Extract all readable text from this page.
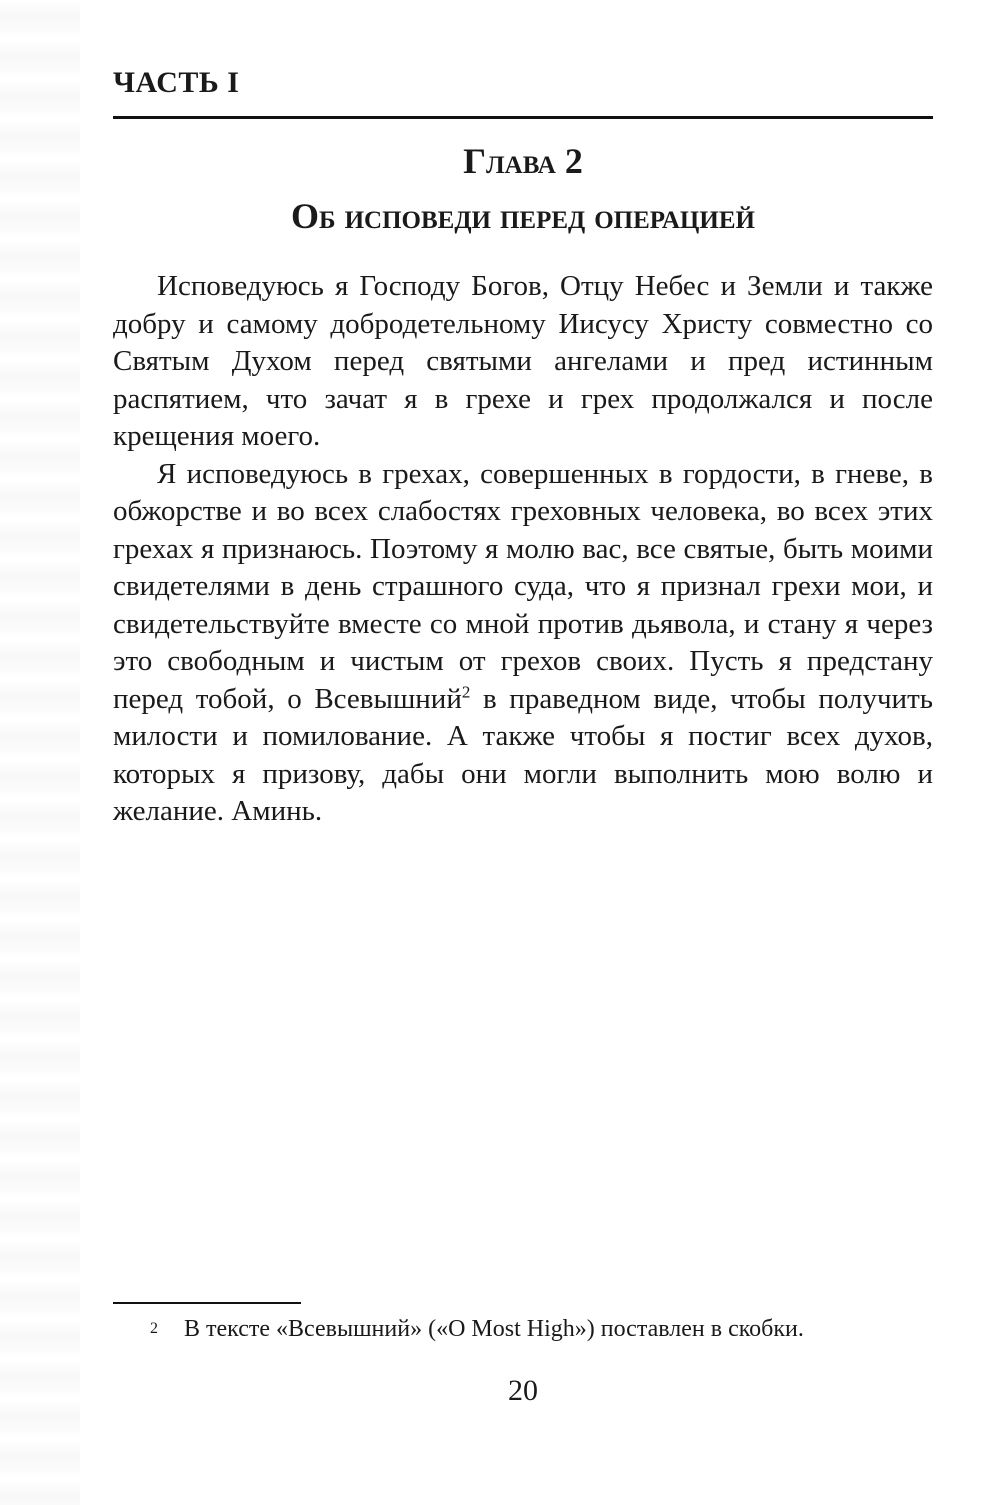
ЧАСТЬ I
Глава 2
Об исповеди перед операцией

Исповедуюсь я Господу Богов, Отцу Небес и Земли и также добру и самому добродетельному Иисусу Христу совместно со Святым Духом перед святыми ангелами и пред истинным распятием, что зачат я в грехе и грех продолжался и после крещения моего.

Я исповедуюсь в грехах, совершенных в гордости, в гневе, в обжорстве и во всех слабостях греховных человека, во всех этих грехах я признаюсь. Поэтому я молю вас, все святые, быть моими свидетелями в день страшного суда, что я признал грехи мои, и свидетельствуйте вместе со мной против дьявола, и стану я через это свободным и чистым от грехов своих. Пусть я предстану перед тобой, о Всевышний$^2$ в праведном виде, чтобы получить милости и помилование. А также чтобы я постиг всех духов, которых я призову, дабы они могли выполнить мою волю и желание. Аминь.

2 В тексте «Всевышний» («O Most High») поставлен в скобки.
20
